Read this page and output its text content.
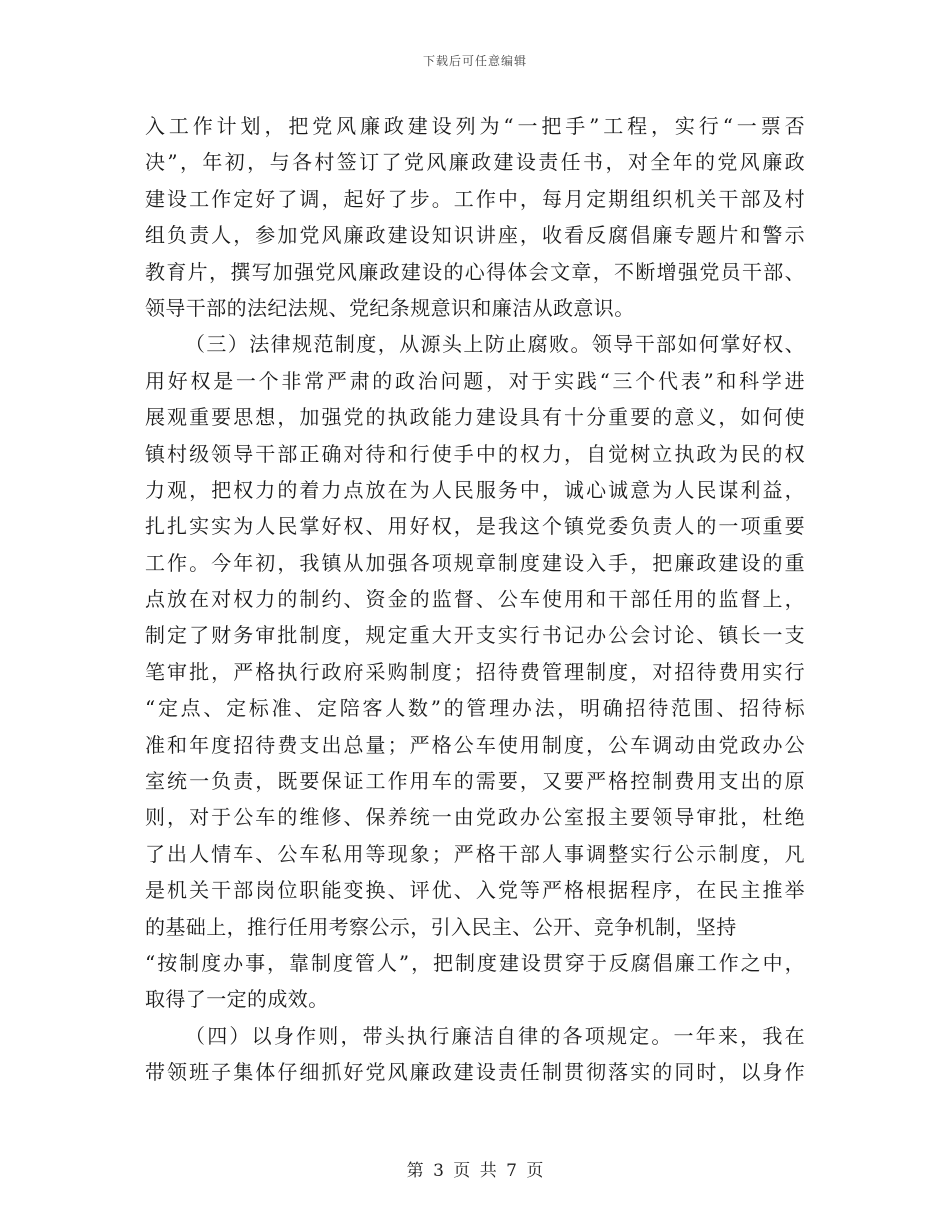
下载后可任意编辑
入工作计划，把党风廉政建设列为“一把手”工程，实行“一票否
决”，年初，与各村签订了党风廉政建设责任书，对全年的党风廉政
建设工作定好了调，起好了步。工作中，每月定期组织机关干部及村
组负责人，参加党风廉政建设知识讲座，收看反腐倡廉专题片和警示
教育片，撰写加强党风廉政建设的心得体会文章，不断增强党员干部、
领导干部的法纪法规、党纪条规意识和廉洁从政意识。
（三）法律规范制度，从源头上防止腐败。领导干部如何掌好权、
用好权是一个非常严肃的政治问题，对于实践“三个代表”和科学进
展观重要思想，加强党的执政能力建设具有十分重要的意义，如何使
镇村级领导干部正确对待和行使手中的权力，自觉树立执政为民的权
力观，把权力的着力点放在为人民服务中，诚心诚意为人民谋利益，
扎扎实实为人民掌好权、用好权，是我这个镇党委负责人的一项重要
工作。今年初，我镇从加强各项规章制度建设入手，把廉政建设的重
点放在对权力的制约、资金的监督、公车使用和干部任用的监督上，
制定了财务审批制度，规定重大开支实行书记办公会讨论、镇长一支
笔审批，严格执行政府采购制度；招待费管理制度，对招待费用实行
“定点、定标准、定陪客人数”的管理办法，明确招待范围、招待标
准和年度招待费支出总量；严格公车使用制度，公车调动由党政办公
室统一负责，既要保证工作用车的需要，又要严格控制费用支出的原
则，对于公车的维修、保养统一由党政办公室报主要领导审批，杜绝
了出人情车、公车私用等现象；严格干部人事调整实行公示制度，凡
是机关干部岗位职能变换、评优、入党等严格根据程序，在民主推举
的基础上，推行任用考察公示，引入民主、公开、竞争机制，坚持
“按制度办事，靠制度管人”，把制度建设贯穿于反腐倡廉工作之中，
取得了一定的成效。
（四）以身作则，带头执行廉洁自律的各项规定。一年来，我在
带领班子集体仔细抓好党风廉政建设责任制贯彻落实的同时，以身作
第 3 页 共 7 页
